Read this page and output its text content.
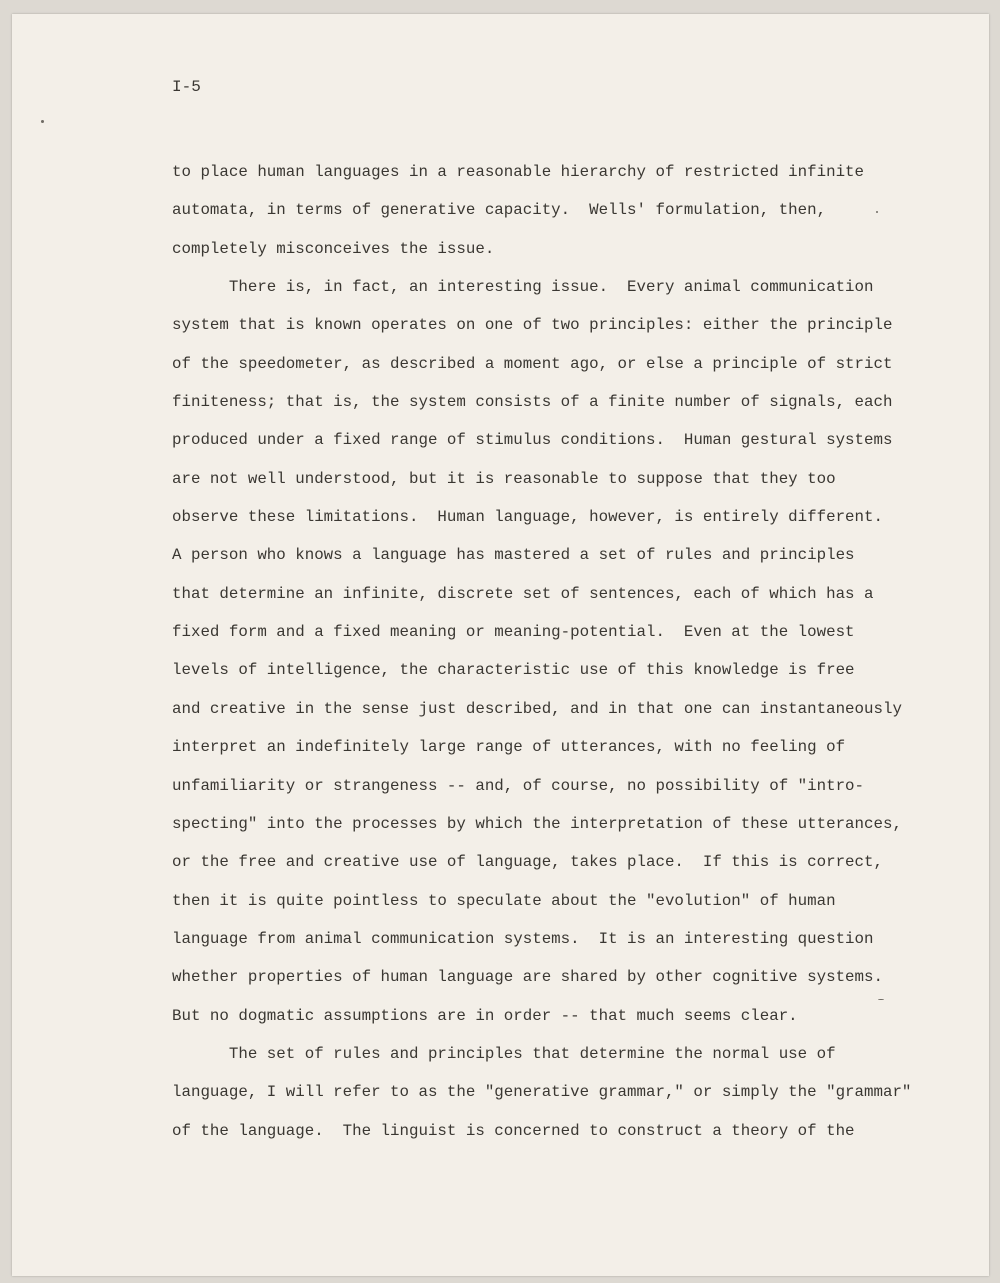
I-5

to place human languages in a reasonable hierarchy of restricted infinite
automata, in terms of generative capacity.  Wells' formulation, then,
completely misconceives the issue.
There is, in fact, an interesting issue.  Every animal communication
system that is known operates on one of two principles: either the principle
of the speedometer, as described a moment ago, or else a principle of strict
finiteness; that is, the system consists of a finite number of signals, each
produced under a fixed range of stimulus conditions.  Human gestural systems
are not well understood, but it is reasonable to suppose that they too
observe these limitations.  Human language, however, is entirely different.
A person who knows a language has mastered a set of rules and principles
that determine an infinite, discrete set of sentences, each of which has a
fixed form and a fixed meaning or meaning-potential.  Even at the lowest
levels of intelligence, the characteristic use of this knowledge is free
and creative in the sense just described, and in that one can instantaneously
interpret an indefinitely large range of utterances, with no feeling of
unfamiliarity or strangeness -- and, of course, no possibility of "intro-
specting" into the processes by which the interpretation of these utterances,
or the free and creative use of language, takes place.  If this is correct,
then it is quite pointless to speculate about the "evolution" of human
language from animal communication systems.  It is an interesting question
whether properties of human language are shared by other cognitive systems.
But no dogmatic assumptions are in order -- that much seems clear.
The set of rules and principles that determine the normal use of
language, I will refer to as the "generative grammar," or simply the "grammar"
of the language.  The linguist is concerned to construct a theory of the
